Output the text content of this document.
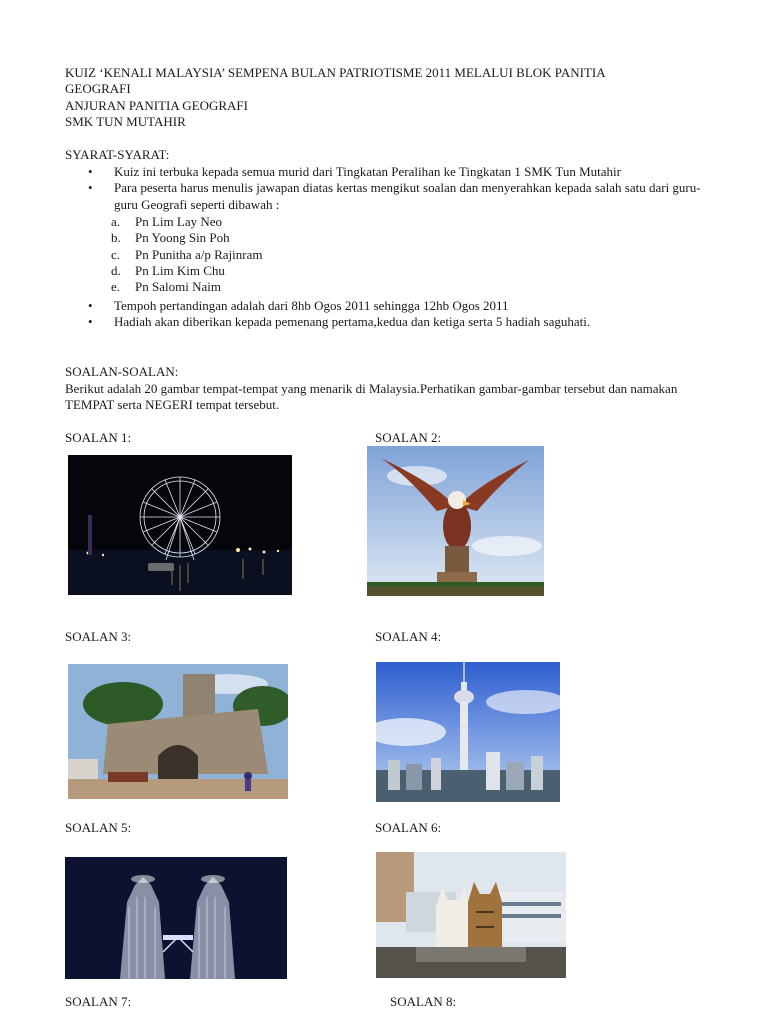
KUIZ ‘KENALI MALAYSIA’ SEMPENA BULAN PATRIOTISME 2011 MELALUI BLOK PANITIA
GEOGRAFI
ANJURAN PANITIA GEOGRAFI
SMK TUN MUTAHIR
SYARAT-SYARAT:
• Kuiz ini terbuka kepada semua murid dari Tingkatan Peralihan ke Tingkatan 1 SMK Tun Mutahir
• Para peserta harus menulis jawapan diatas kertas mengikut soalan dan menyerahkan kepada salah satu dari guru-guru Geografi seperti dibawah :
a. Pn Lim Lay Neo
b. Pn Yoong Sin Poh
c. Pn Punitha a/p Rajinram
d. Pn Lim Kim Chu
e. Pn Salomi Naim
• Tempoh pertandingan adalah dari 8hb Ogos 2011 sehingga 12hb Ogos 2011
• Hadiah akan diberikan kepada pemenang pertama,kedua dan ketiga serta 5 hadiah saguhati.
SOALAN-SOALAN:
Berikut adalah 20 gambar tempat-tempat yang menarik di Malaysia.Perhatikan gambar-gambar tersebut dan namakan TEMPAT serta NEGERI tempat tersebut.
SOALAN 1:	SOALAN 2:
SOALAN 3:	SOALAN 4:
SOALAN 5:	SOALAN 6:
SOALAN 7:	SOALAN 8:
